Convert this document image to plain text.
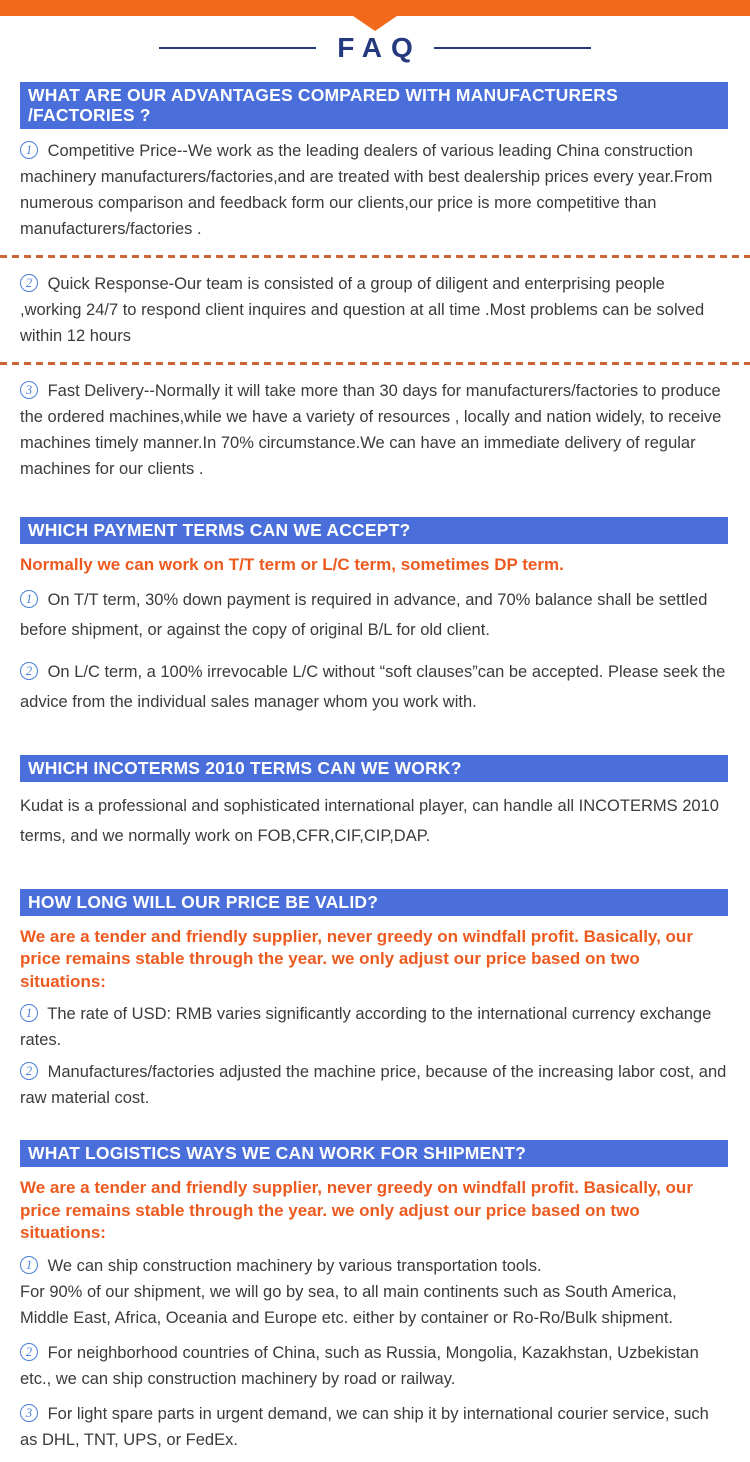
FAQ
WHAT ARE OUR ADVANTAGES COMPARED WITH MANUFACTURERS /FACTORIES ?

1 Competitive Price--We work as the leading dealers of various leading China construction machinery manufacturers/factories,and are treated with best dealership prices every year.From numerous comparison and feedback form our clients,our price is more competitive than manufacturers/factories .

2 Quick Response-Our team is consisted of a group of diligent and enterprising people ,working 24/7 to respond client inquires and question at all time .Most problems can be solved within 12 hours

3 Fast Delivery--Normally it will take more than 30 days for manufacturers/factories to produce the ordered machines,while we have a variety of resources , locally and nation widely, to receive machines timely manner.In 70% circumstance.We can have an immediate delivery of regular machines for our clients .

WHICH PAYMENT TERMS CAN WE ACCEPT?

Normally we can work on T/T term or L/C term, sometimes DP term.

1 On T/T term, 30% down payment is required in advance, and 70% balance shall be settled before shipment, or against the copy of original B/L for old client.

2 On L/C term, a 100% irrevocable L/C without “soft clauses”can be accepted. Please seek the advice from the individual sales manager whom you work with.

WHICH INCOTERMS 2010 TERMS CAN WE WORK?

Kudat is a professional and sophisticated international player, can handle all INCOTERMS 2010 terms, and we normally work on FOB,CFR,CIF,CIP,DAP.

HOW LONG WILL OUR PRICE BE VALID?

We are a tender and friendly supplier, never greedy on windfall profit. Basically, our price remains stable through the year. we only adjust our price based on two situations:

1 The rate of USD: RMB varies significantly according to the international currency exchange rates.

2 Manufactures/factories adjusted the machine price, because of the increasing labor cost, and raw material cost.

WHAT LOGISTICS WAYS WE CAN WORK FOR SHIPMENT?

We are a tender and friendly supplier, never greedy on windfall profit. Basically, our price remains stable through the year. we only adjust our price based on two situations:

1 We can ship construction machinery by various transportation tools.
For 90% of our shipment, we will go by sea, to all main continents such as South America, Middle East, Africa, Oceania and Europe etc. either by container or Ro-Ro/Bulk shipment.

2 For neighborhood countries of China, such as Russia, Mongolia, Kazakhstan, Uzbekistan etc., we can ship construction machinery by road or railway.

3 For light spare parts in urgent demand, we can ship it by international courier service, such as DHL, TNT, UPS, or FedEx.
